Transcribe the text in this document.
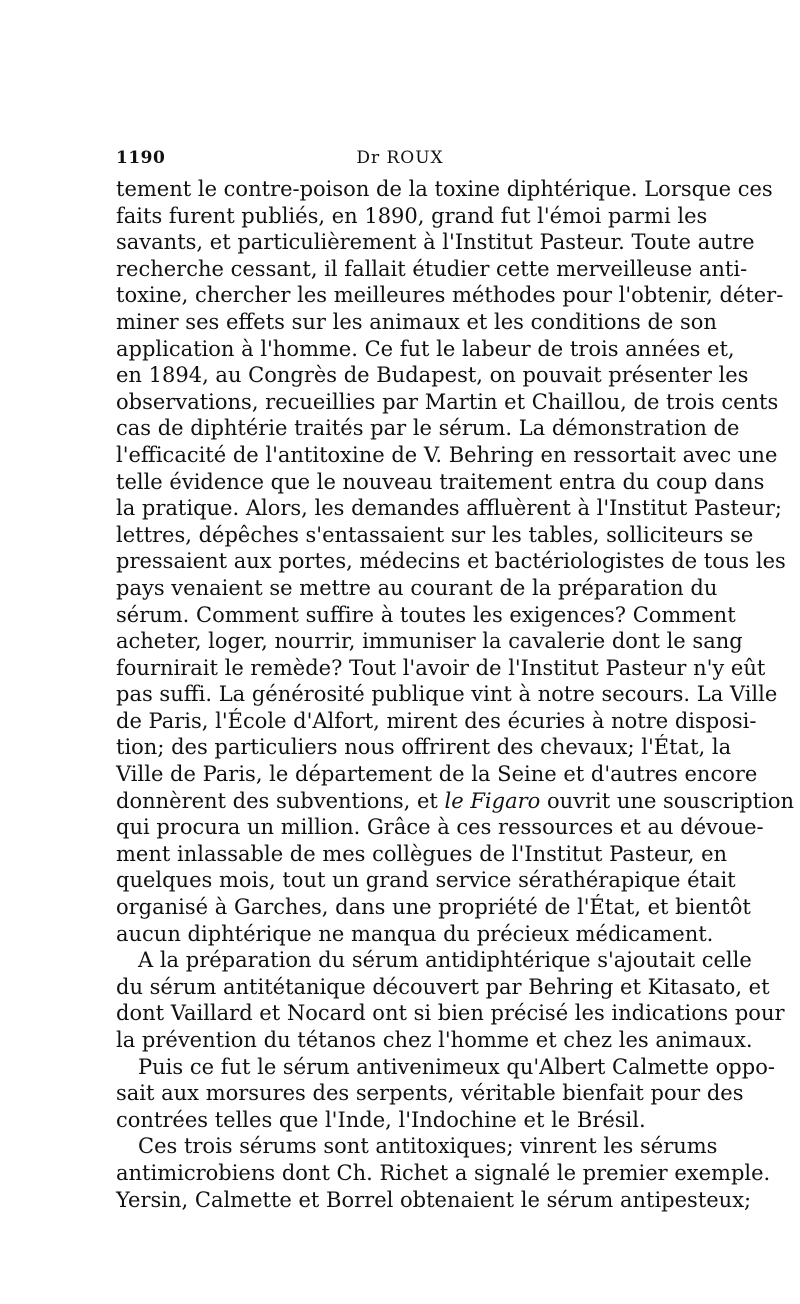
1190	Dr ROUX
tement le contre-poison de la toxine diphtérique. Lorsque ces
faits furent publiés, en 1890, grand fut l'émoi parmi les
savants, et particulièrement à l'Institut Pasteur. Toute autre
recherche cessant, il fallait étudier cette merveilleuse anti-
toxine, chercher les meilleures méthodes pour l'obtenir, déter-
miner ses effets sur les animaux et les conditions de son
application à l'homme. Ce fut le labeur de trois années et,
en 1894, au Congrès de Budapest, on pouvait présenter les
observations, recueillies par Martin et Chaillou, de trois cents
cas de diphtérie traités par le sérum. La démonstration de
l'efficacité de l'antitoxine de V. Behring en ressortait avec une
telle évidence que le nouveau traitement entra du coup dans
la pratique. Alors, les demandes affluèrent à l'Institut Pasteur;
lettres, dépêches s'entassaient sur les tables, solliciteurs se
pressaient aux portes, médecins et bactériologistes de tous les
pays venaient se mettre au courant de la préparation du
sérum. Comment suffire à toutes les exigences? Comment
acheter, loger, nourrir, immuniser la cavalerie dont le sang
fournirait le remède? Tout l'avoir de l'Institut Pasteur n'y eût
pas suffi. La générosité publique vint à notre secours. La Ville
de Paris, l'École d'Alfort, mirent des écuries à notre disposi-
tion; des particuliers nous offrirent des chevaux; l'État, la
Ville de Paris, le département de la Seine et d'autres encore
donnèrent des subventions, et le Figaro ouvrit une souscription
qui procura un million. Grâce à ces ressources et au dévoue-
ment inlassable de mes collègues de l'Institut Pasteur, en
quelques mois, tout un grand service sérathérapique était
organisé à Garches, dans une propriété de l'État, et bientôt
aucun diphtérique ne manqua du précieux médicament.
A la préparation du sérum antidiphtérique s'ajoutait celle
du sérum antitétanique découvert par Behring et Kitasato, et
dont Vaillard et Nocard ont si bien précisé les indications pour
la prévention du tétanos chez l'homme et chez les animaux.
Puis ce fut le sérum antivenimeux qu'Albert Calmette oppo-
sait aux morsures des serpents, véritable bienfait pour des
contrées telles que l'Inde, l'Indochine et le Brésil.
Ces trois sérums sont antitoxiques; vinrent les sérums
antimicrobiens dont Ch. Richet a signalé le premier exemple.
Yersin, Calmette et Borrel obtenaient le sérum antipesteux;
